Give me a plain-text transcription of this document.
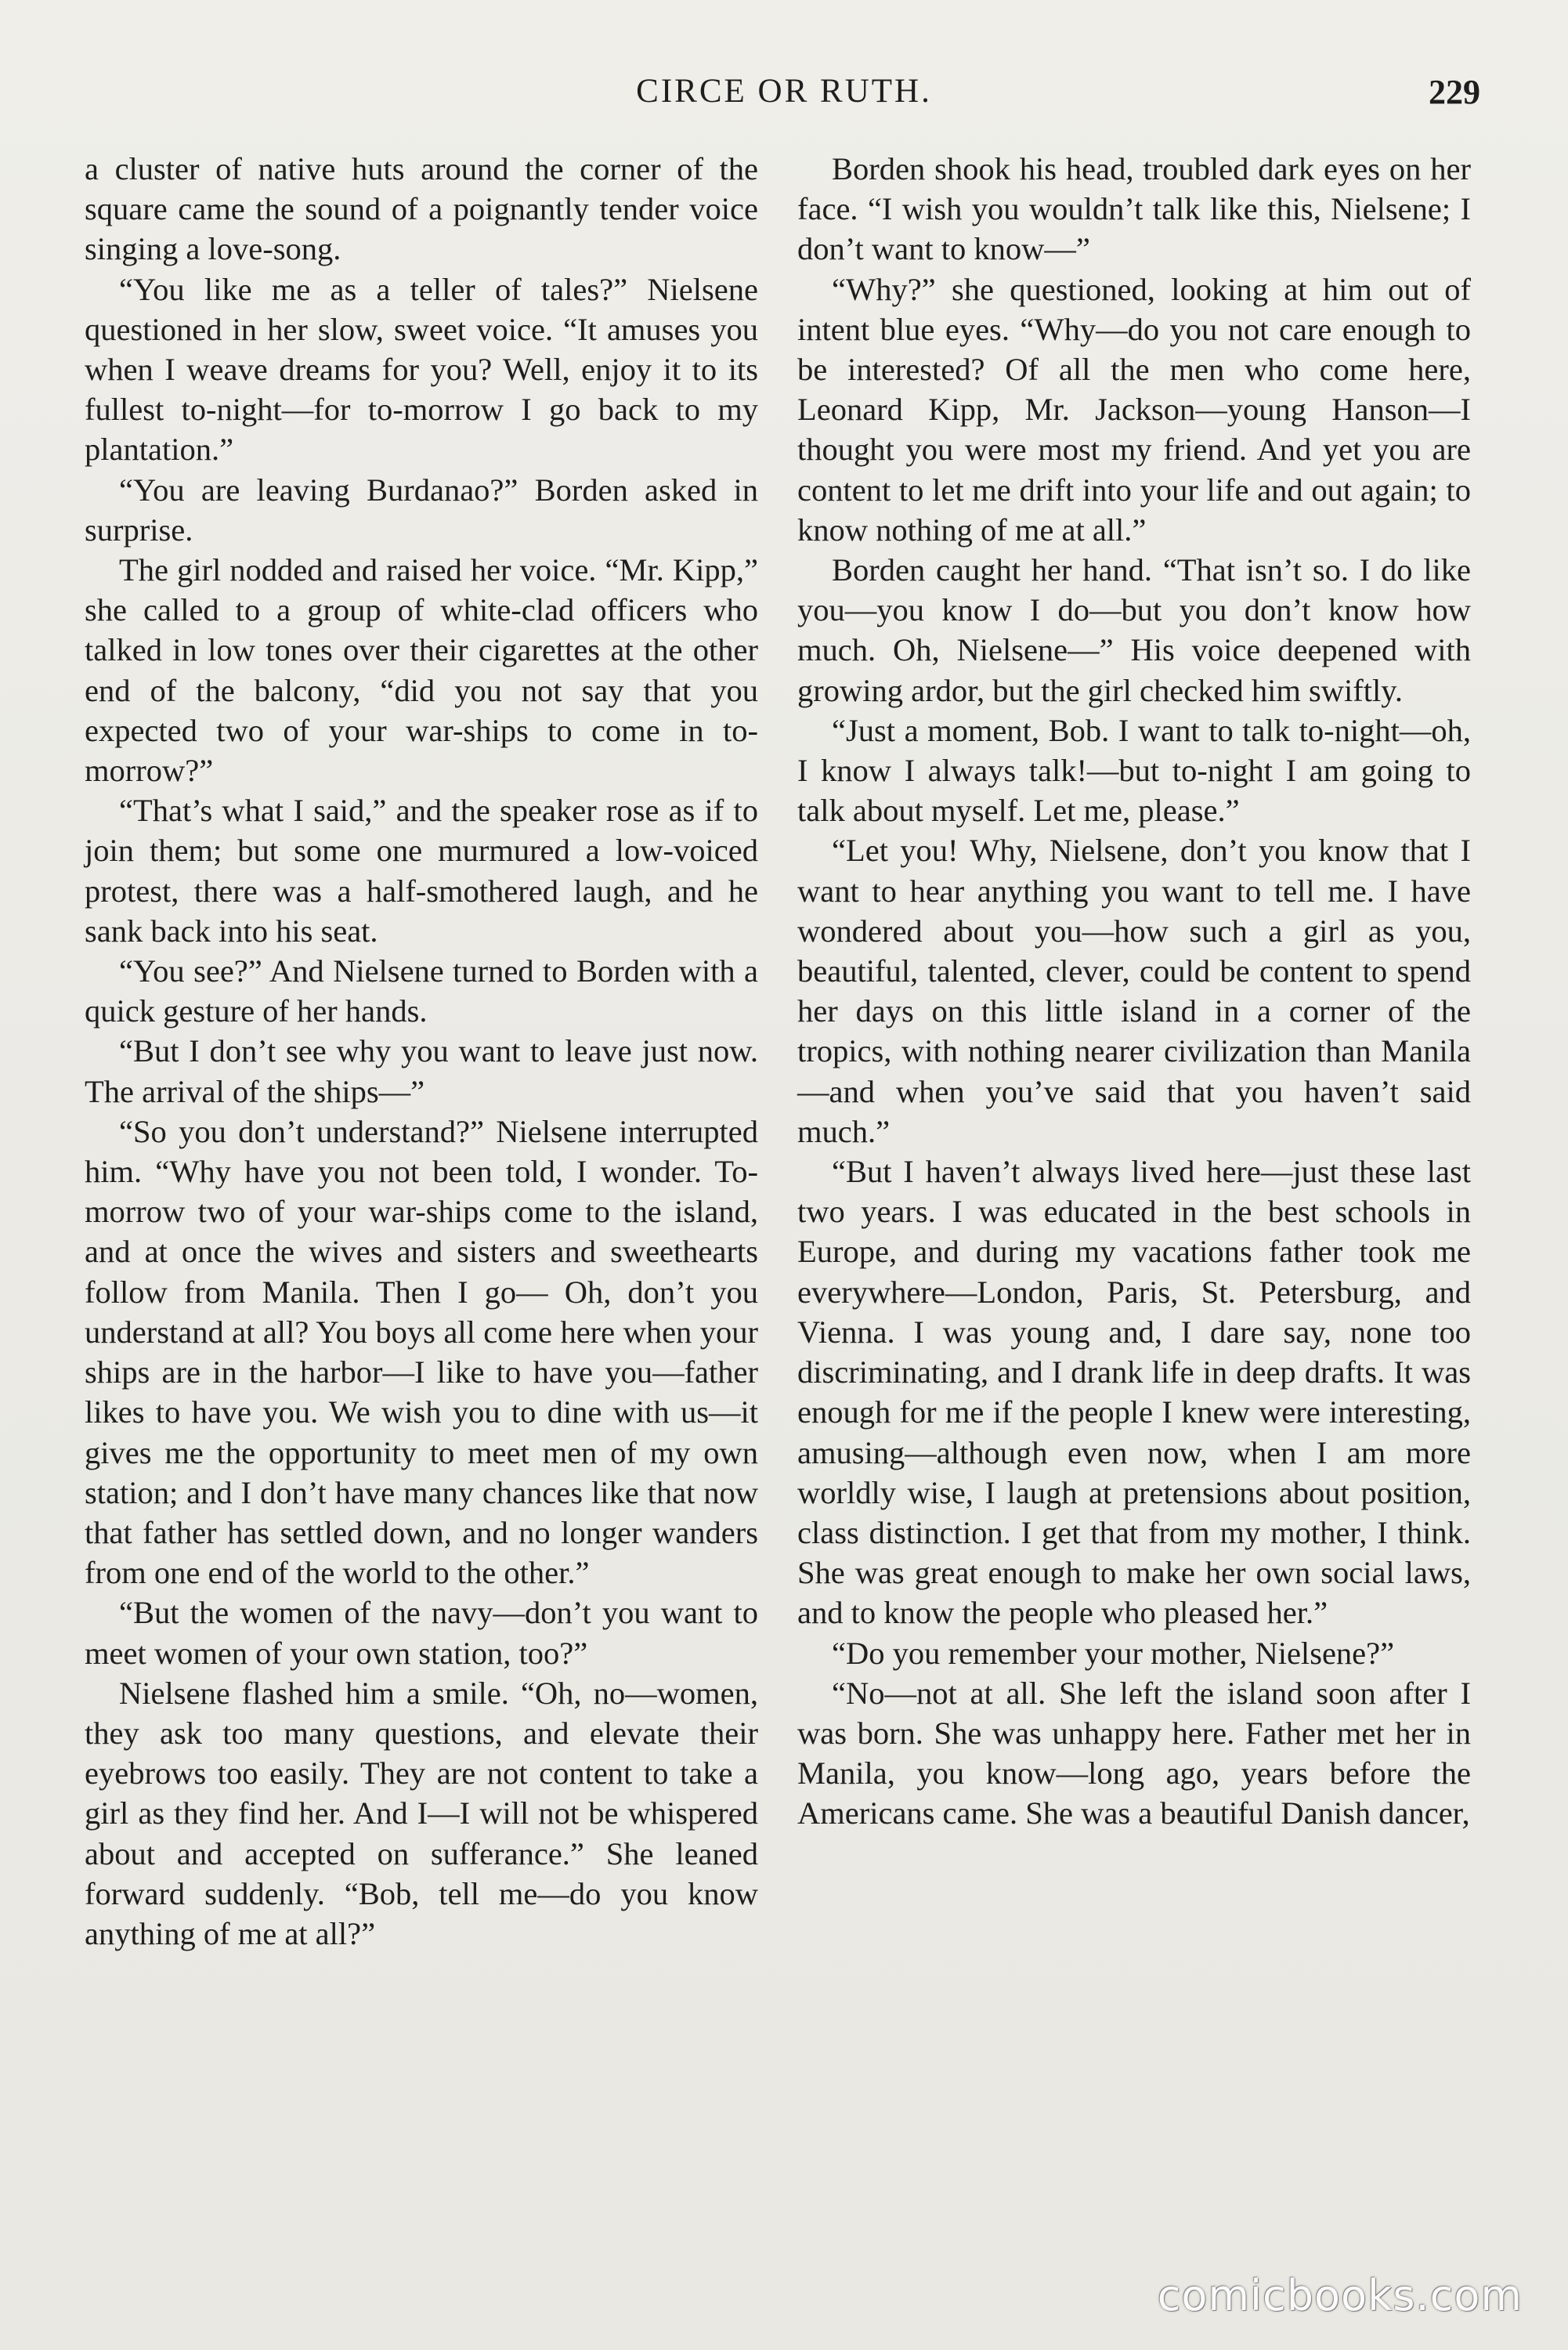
CIRCE OR RUTH.	229

a cluster of native huts around the corner of the square came the sound of a poignantly tender voice singing a love-song.

“You like me as a teller of tales?” Nielsene questioned in her slow, sweet voice. “It amuses you when I weave dreams for you? Well, enjoy it to its fullest to-night—for to-morrow I go back to my plantation.”

“You are leaving Burdanao?” Borden asked in surprise.

The girl nodded and raised her voice. “Mr. Kipp,” she called to a group of white-clad officers who talked in low tones over their cigarettes at the other end of the balcony, “did you not say that you expected two of your war-ships to come in to-morrow?”

“That’s what I said,” and the speaker rose as if to join them; but some one murmured a low-voiced protest, there was a half-smothered laugh, and he sank back into his seat.

“You see?” And Nielsene turned to Borden with a quick gesture of her hands.

“But I don’t see why you want to leave just now. The arrival of the ships—”

“So you don’t understand?” Nielsene interrupted him. “Why have you not been told, I wonder. To-morrow two of your war-ships come to the island, and at once the wives and sisters and sweethearts follow from Manila. Then I go— Oh, don’t you understand at all? You boys all come here when your ships are in the harbor—I like to have you—father likes to have you. We wish you to dine with us—it gives me the opportunity to meet men of my own station; and I don’t have many chances like that now that father has settled down, and no longer wanders from one end of the world to the other.”

“But the women of the navy—don’t you want to meet women of your own station, too?”

Nielsene flashed him a smile. “Oh, no—women, they ask too many questions, and elevate their eyebrows too easily. They are not content to take a girl as they find her. And I—I will not be whispered about and accepted on sufferance.” She leaned forward suddenly. “Bob, tell me—do you know anything of me at all?”

Borden shook his head, troubled dark eyes on her face. “I wish you wouldn’t talk like this, Nielsene; I don’t want to know—”

“Why?” she questioned, looking at him out of intent blue eyes. “Why—do you not care enough to be interested? Of all the men who come here, Leonard Kipp, Mr. Jackson—young Hanson—I thought you were most my friend. And yet you are content to let me drift into your life and out again; to know nothing of me at all.”

Borden caught her hand. “That isn’t so. I do like you—you know I do—but you don’t know how much. Oh, Nielsene—” His voice deepened with growing ardor, but the girl checked him swiftly.

“Just a moment, Bob. I want to talk to-night—oh, I know I always talk!—but to-night I am going to talk about myself. Let me, please.”

“Let you! Why, Nielsene, don’t you know that I want to hear anything you want to tell me. I have wondered about you—how such a girl as you, beautiful, talented, clever, could be content to spend her days on this little island in a corner of the tropics, with nothing nearer civilization than Manila—and when you’ve said that you haven’t said much.”

“But I haven’t always lived here—just these last two years. I was educated in the best schools in Europe, and during my vacations father took me everywhere—London, Paris, St. Petersburg, and Vienna. I was young and, I dare say, none too discriminating, and I drank life in deep drafts. It was enough for me if the people I knew were interesting, amusing—although even now, when I am more worldly wise, I laugh at pretensions about position, class distinction. I get that from my mother, I think. She was great enough to make her own social laws, and to know the people who pleased her.”

“Do you remember your mother, Nielsene?”

“No—not at all. She left the island soon after I was born. She was unhappy here. Father met her in Manila, you know—long ago, years before the Americans came. She was a beautiful Danish dancer,

comicbooks.com
